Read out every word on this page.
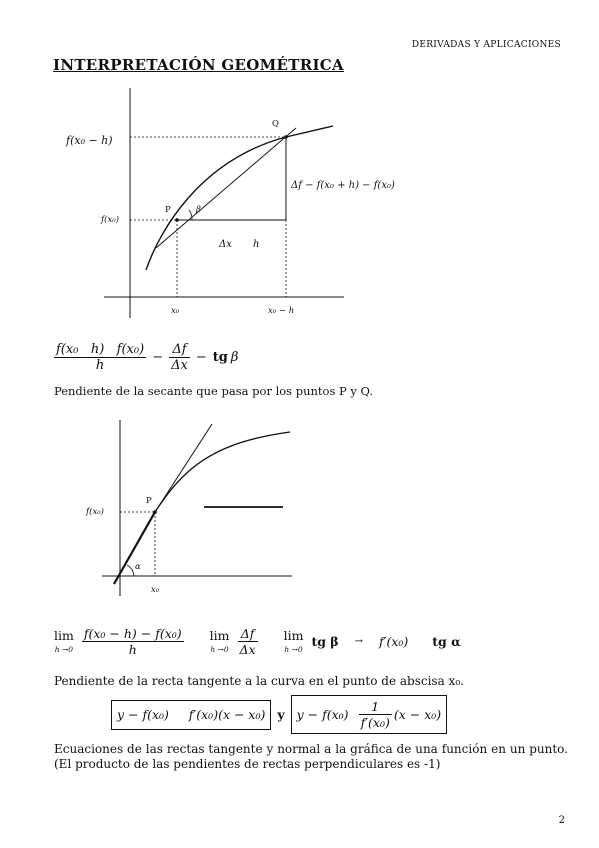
DERIVADAS Y APLICACIONES
INTERPRETACIÓN GEOMÉTRICA
f(x₀ − h)
f(x₀)
P
Q
β
Δf − f(x₀ + h) − f(x₀)
Δx h
x₀	x₀ − h
$\frac{\text{f(x₀   h)   f(x₀)}}{h} - \frac{\Delta f}{\Delta x}$ − tg β
Pendiente de la secante que pasa por los puntos P y Q.
f(x₀)
P
α
x₀
lim
$h \to 0 \frac{\text{f(x₀ − h) − f(x₀)}}{h}$ lim
$h \to 0 \frac{\Delta f}{\Delta x}$ lim
h →0 tg β → f′(x₀) tg α
Pendiente de la recta tangente a la curva en el punto de abscisa x₀.
y − f(x₀)     f′(x₀)(x − x₀) y $y - f(x_0) \frac{1}{\text{f′(x₀)}} (x - x_0)$
Ecuaciones de las rectas tangente y normal a la gráfica de una función en un punto. (El producto de las pendientes de rectas perpendiculares es -1)
2
